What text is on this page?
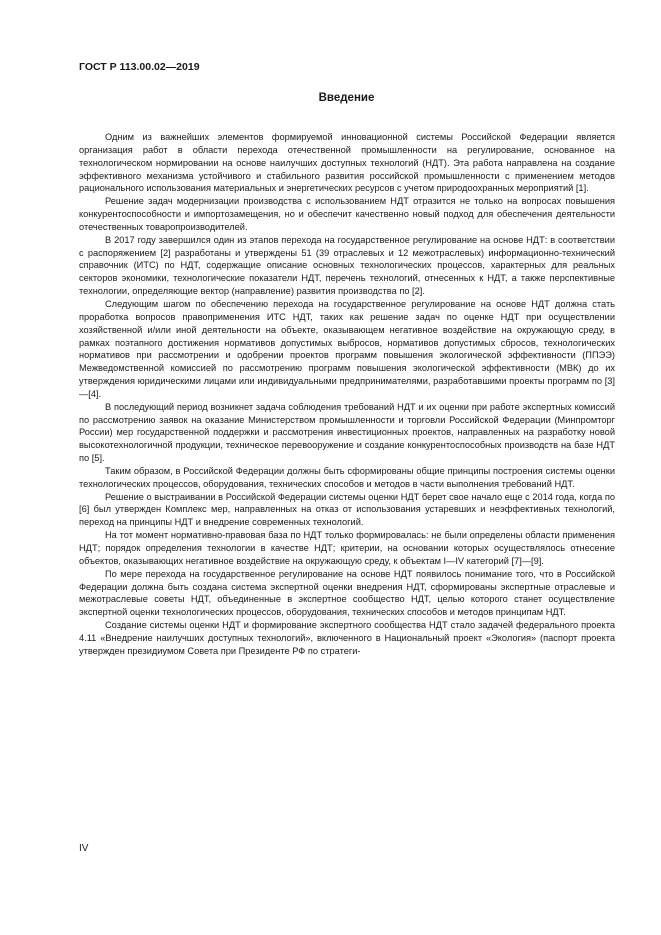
ГОСТ Р 113.00.02—2019
Введение

Одним из важнейших элементов формируемой инновационной системы Российской Федерации является организация работ в области перехода отечественной промышленности на регулирование, основанное на технологическом нормировании на основе наилучших доступных технологий (НДТ). Эта работа направлена на создание эффективного механизма устойчивого и стабильного развития российской промышленности с применением методов рационального использования материальных и энергетических ресурсов с учетом природоохранных мероприятий [1].

Решение задач модернизации производства с использованием НДТ отразится не только на вопросах повышения конкурентоспособности и импортозамещения, но и обеспечит качественно новый подход для обеспечения деятельности отечественных товаропроизводителей.

В 2017 году завершился один из этапов перехода на государственное регулирование на основе НДТ: в соответствии с распоряжением [2] разработаны и утверждены 51 (39 отраслевых и 12 межотраслевых) информационно-технический справочник (ИТС) по НДТ, содержащие описание основных технологических процессов, характерных для реальных секторов экономики, технологические показатели НДТ, перечень технологий, отнесенных к НДТ, а также перспективные технологии, определяющие вектор (направление) развития производства по [2].

Следующим шагом по обеспечению перехода на государственное регулирование на основе НДТ должна стать проработка вопросов правоприменения ИТС НДТ, таких как решение задач по оценке НДТ при осуществлении хозяйственной и/или иной деятельности на объекте, оказывающем негативное воздействие на окружающую среду, в рамках поэтапного достижения нормативов допустимых выбросов, нормативов допустимых сбросов, технологических нормативов при рассмотрении и одобрении проектов программ повышения экологической эффективности (ППЭЭ) Межведомственной комиссией по рассмотрению программ повышения экологической эффективности (МВК) до их утверждения юридическими лицами или индивидуальными предпринимателями, разработавшими проекты программ по [3]—[4].

В последующий период возникнет задача соблюдения требований НДТ и их оценки при работе экспертных комиссий по рассмотрению заявок на оказание Министерством промышленности и торговли Российской Федерации (Минпромторг России) мер государственной поддержки и рассмотрения инвестиционных проектов, направленных на разработку новой высокотехнологичной продукции, техническое перевооружение и создание конкурентоспособных производств на базе НДТ по [5].

Таким образом, в Российской Федерации должны быть сформированы общие принципы построения системы оценки технологических процессов, оборудования, технических способов и методов в части выполнения требований НДТ.

Решение о выстраивании в Российской Федерации системы оценки НДТ берет свое начало еще с 2014 года, когда по [6] был утвержден Комплекс мер, направленных на отказ от использования устаревших и неэффективных технологий, переход на принципы НДТ и внедрение современных технологий.

На тот момент нормативно-правовая база по НДТ только формировалась: не были определены области применения НДТ; порядок определения технологии в качестве НДТ; критерии, на основании которых осуществлялось отнесение объектов, оказывающих негативное воздействие на окружающую среду, к объектам I—IV категорий [7]—[9].

По мере перехода на государственное регулирование на основе НДТ появилось понимание того, что в Российской Федерации должна быть создана система экспертной оценки внедрения НДТ, сформированы экспертные отраслевые и межотраслевые советы НДТ, объединенные в экспертное сообщество НДТ, целью которого станет осуществление экспертной оценки технологических процессов, оборудования, технических способов и методов принципам НДТ.

Создание системы оценки НДТ и формирование экспертного сообщества НДТ стало задачей федерального проекта 4.11 «Внедрение наилучших доступных технологий», включенного в Национальный проект «Экология» (паспорт проекта утвержден президиумом Совета при Президенте РФ по стратеги-

IV
